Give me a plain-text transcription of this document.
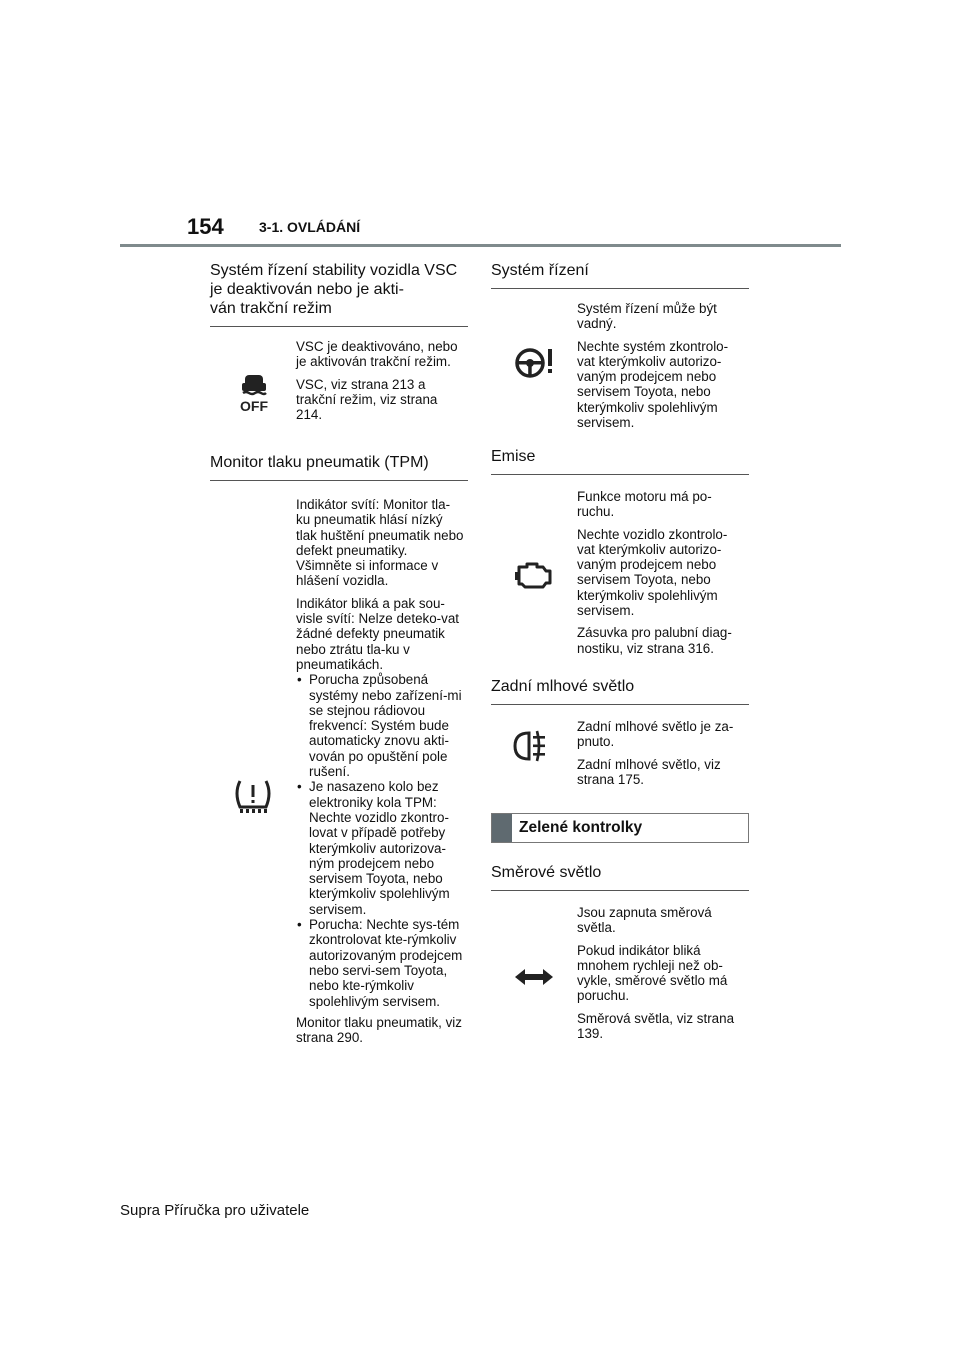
154	3-1. OVLÁDÁNÍ
Systém řízení stability vozidla VSC je deaktivován nebo je akti-
ván trakční režim
OFF

VSC je deaktivováno, nebo je aktivován trakční režim.

VSC, viz strana 213 a trakční režim, viz strana 214.

Monitor tlaku pneumatik (TPM)

Indikátor svítí: Monitor tla-ku pneumatik hlásí nízký tlak huštění pneumatik nebo defekt pneumatiky. Všimněte si informace v hlášení vozidla.

Indikátor bliká a pak sou-visle svítí: Nelze deteko-vat žádné defekty pneumatik nebo ztrátu tla-ku v pneumatikách.

• Porucha způsobená systémy nebo zařízení-mi se stejnou rádiovou frekvencí: Systém bude automaticky znovu akti-vován po opuštění pole rušení.
• Je nasazeno kolo bez elektroniky kola TPM: Nechte vozidlo zkontro-lovat v případě potřeby kterýmkoliv autorizova-ným prodejcem nebo servisem Toyota, nebo kterýmkoliv spolehlivým servisem.
• Porucha: Nechte sys-tém zkontrolovat kte-rýmkoliv autorizovaným prodejcem nebo servi-sem Toyota, nebo kte-rýmkoliv spolehlivým servisem.

Monitor tlaku pneumatik, viz strana 290.

Systém řízení

Systém řízení může být vadný.

Nechte systém zkontrolo-vat kterýmkoliv autorizo-vaným prodejcem nebo servisem Toyota, nebo kterýmkoliv spolehlivým servisem.

Emise

Funkce motoru má po-ruchu.

Nechte vozidlo zkontrolo-vat kterýmkoliv autorizo-vaným prodejcem nebo servisem Toyota, nebo kterýmkoliv spolehlivým servisem.

Zásuvka pro palubní diag-nostiku, viz strana 316.

Zadní mlhové světlo

Zadní mlhové světlo je za-pnuto.

Zadní mlhové světlo, viz strana 175.

Zelené kontrolky
Směrové světlo

Jsou zapnuta směrová světla.

Pokud indikátor bliká mnohem rychleji než ob-vykle, směrové světlo má poruchu.

Směrová světla, viz strana 139.

Supra Příručka pro uživatele
